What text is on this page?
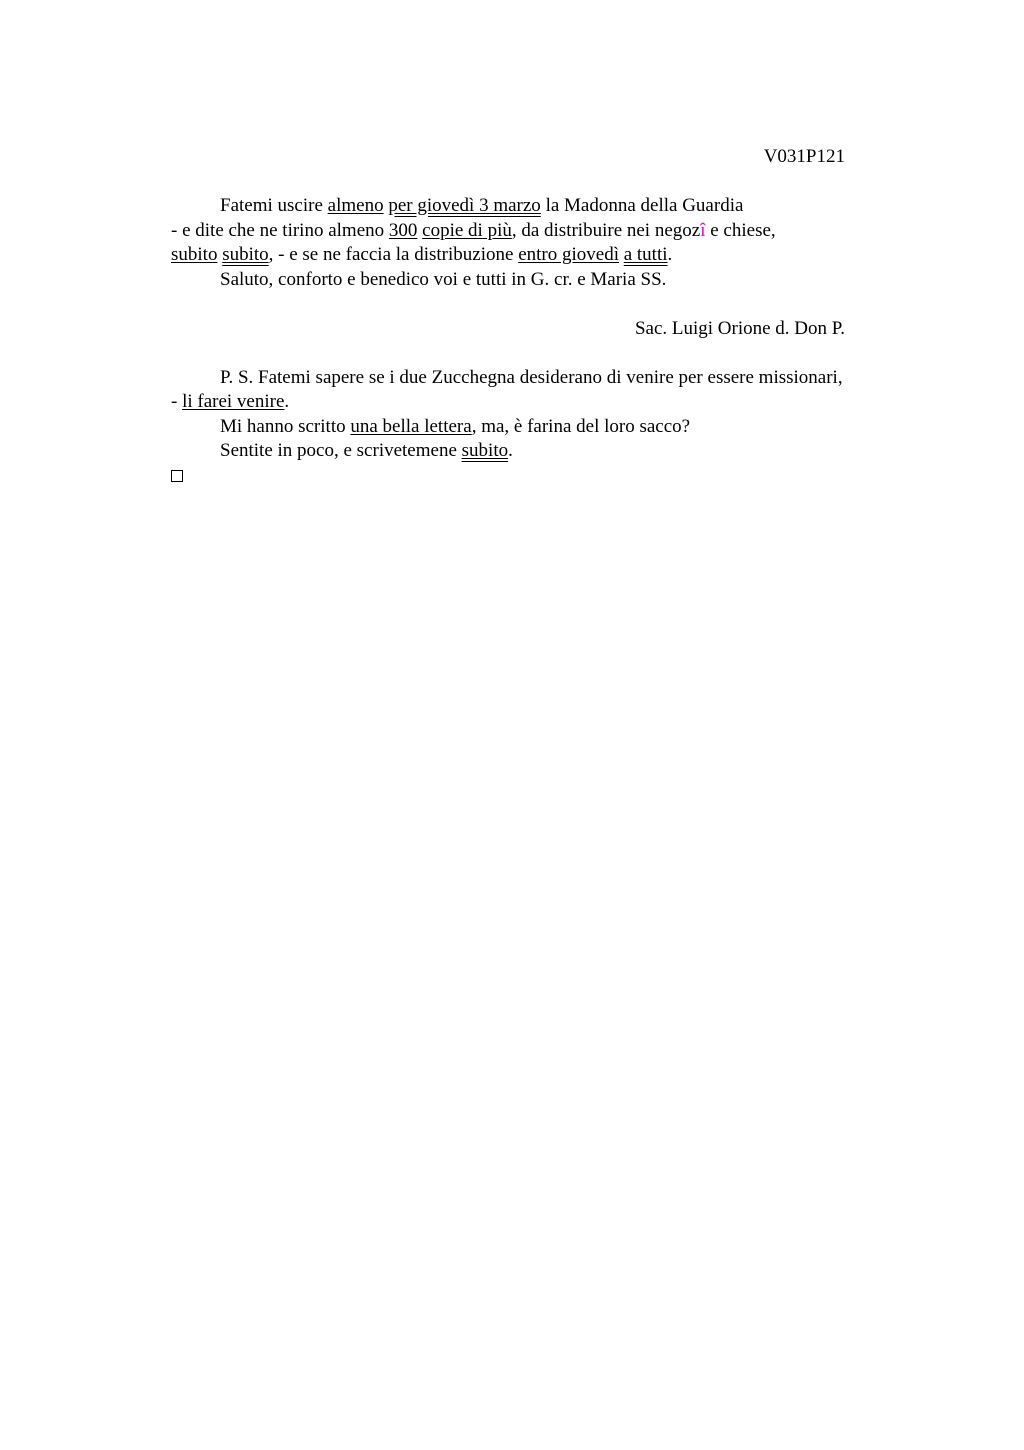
V031P121

Fatemi uscire almeno per giovedì 3 marzo la Madonna della Guardia
- e dite che ne tirino almeno 300 copie di più, da distribuire nei negozî e chiese,
subito subito, - e se ne faccia la distribuzione entro giovedì a tutti.

Saluto, conforto e benedico voi e tutti in G. cr. e Maria SS.

Sac. Luigi Orione d. Don P.

P. S. Fatemi sapere se i due Zucchegna desiderano di venire per essere missionari,
- li farei venire.

Mi hanno scritto una bella lettera, ma, è farina del loro sacco?

Sentite in poco, e scrivetemene subito.
